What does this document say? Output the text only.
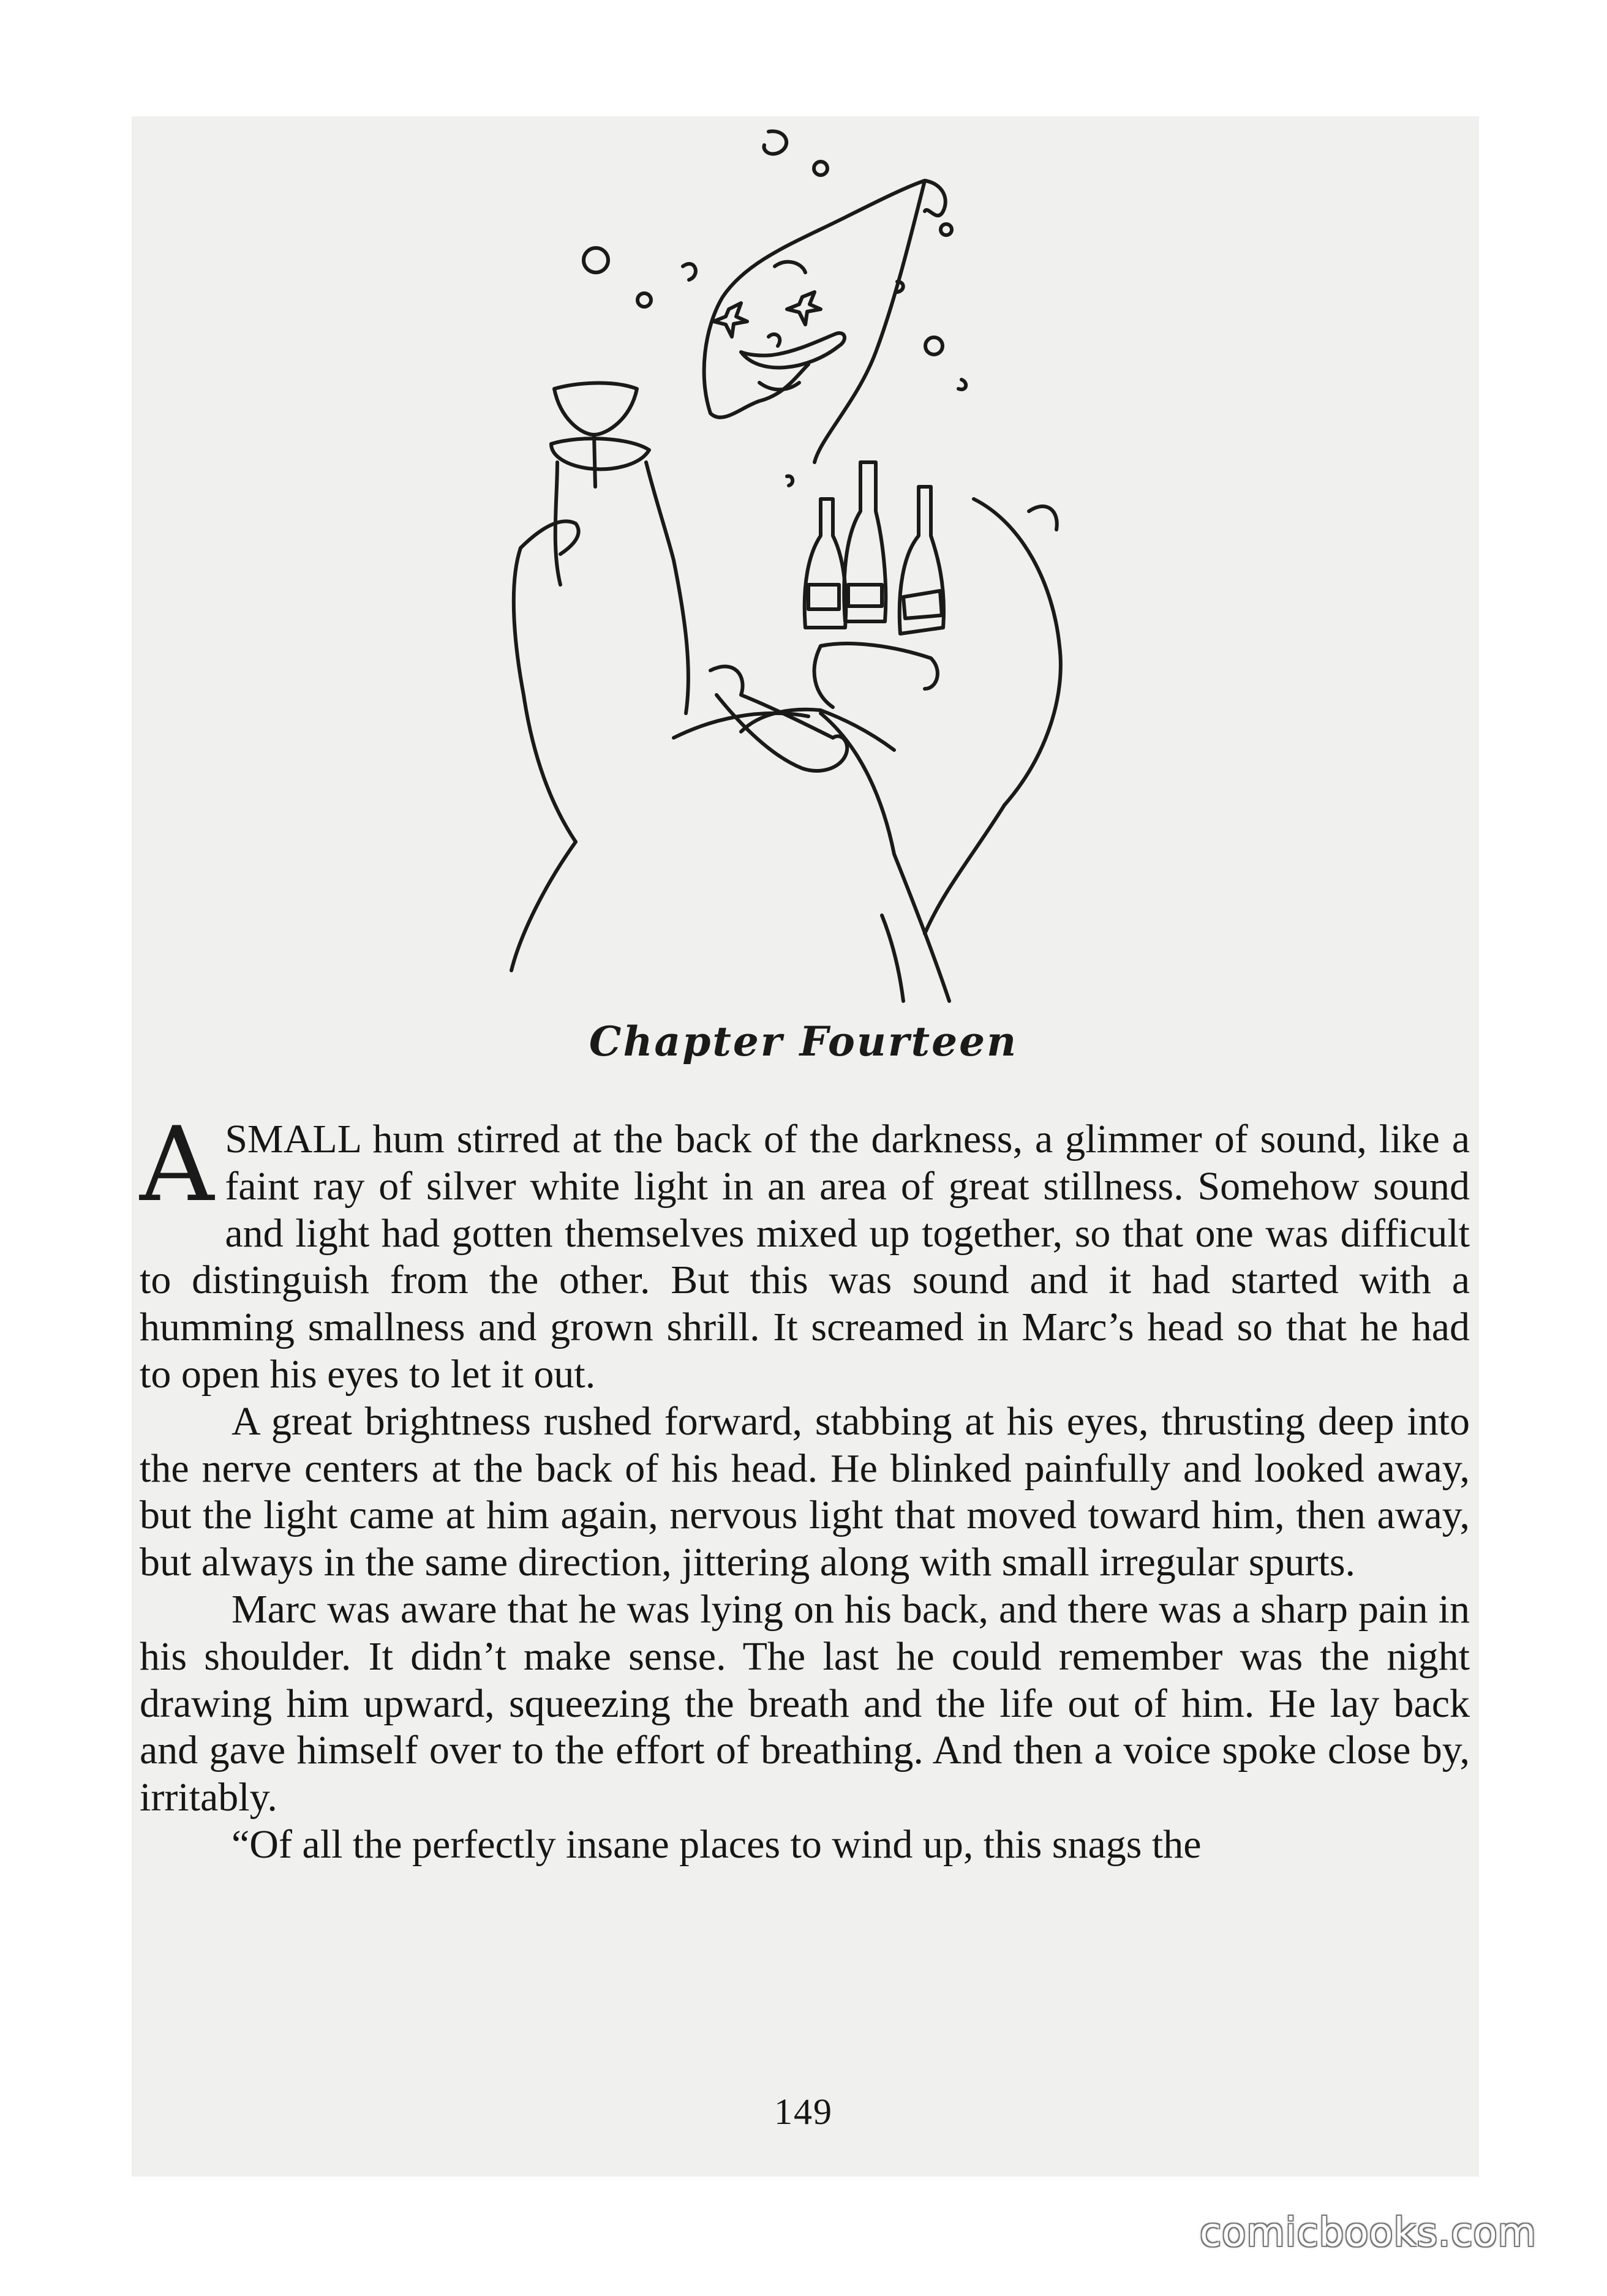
Chapter Fourteen

ASMALL hum stirred at the back of the darkness, a glimmer of sound, like a faint ray of silver white light in an area of great stillness. Somehow sound and light had gotten themselves mixed up together, so that one was difficult to distinguish from the other. But this was sound and it had started with a humming smallness and grown shrill. It screamed in Marc’s head so that he had to open his eyes to let it out.

A great brightness rushed forward, stabbing at his eyes, thrusting deep into the nerve centers at the back of his head. He blinked painfully and looked away, but the light came at him again, nervous light that moved toward him, then away, but always in the same direction, jittering along with small irregular spurts.

Marc was aware that he was lying on his back, and there was a sharp pain in his shoulder. It didn’t make sense. The last he could remember was the night drawing him upward, squeezing the breath and the life out of him. He lay back and gave himself over to the effort of breathing. And then a voice spoke close by, irritably.

“Of all the perfectly insane places to wind up, this snags the

149
comicbooks.com
